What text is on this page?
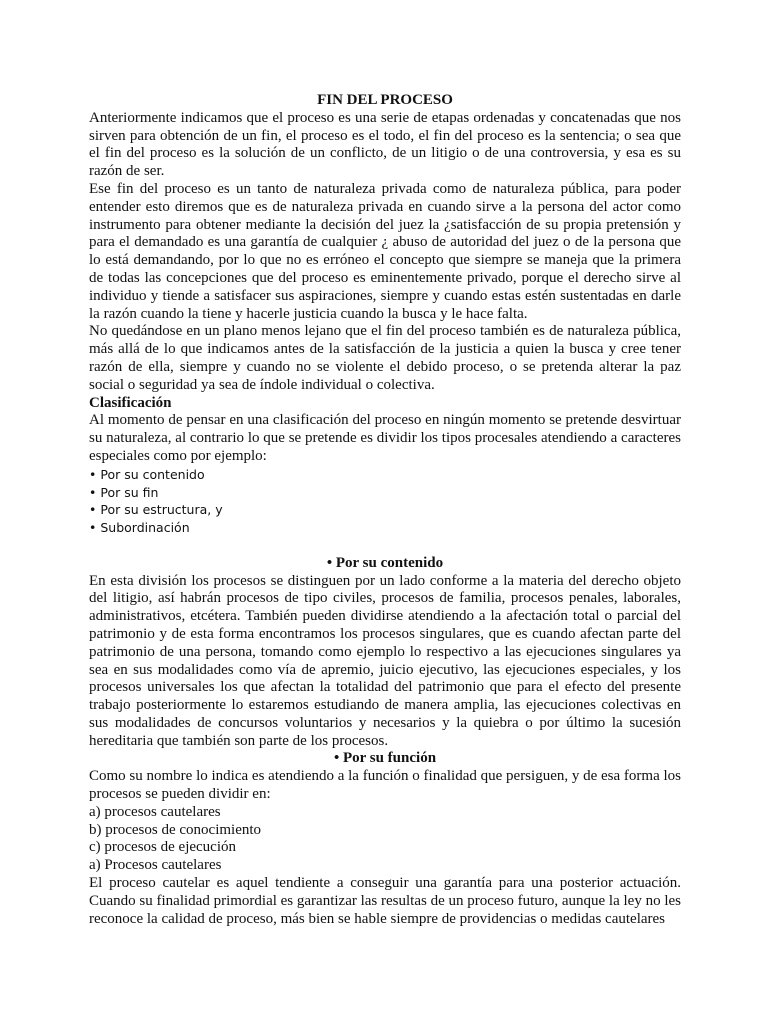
FIN DEL PROCESO

Anteriormente indicamos que el proceso es una serie de etapas ordenadas y concatenadas que nos sirven para obtención de un fin, el proceso es el todo, el fin del proceso es la sentencia; o sea que el fin del proceso es la solución de un conflicto, de un litigio o de una controversia, y esa es su razón de ser.

Ese fin del proceso es un tanto de naturaleza privada como de naturaleza pública, para poder entender esto diremos que es de naturaleza privada en cuando sirve a la persona del actor como instrumento para obtener mediante la decisión del juez la ¿satisfacción de su propia pretensión y para el demandado es una garantía de cualquier ¿ abuso de autoridad del juez o de la persona que lo está demandando, por lo que no es erróneo el concepto que siempre se maneja que la primera de todas las concepciones que del proceso es eminentemente privado, porque el derecho sirve al individuo y tiende a satisfacer sus aspiraciones, siempre y cuando estas estén sustentadas en darle la razón cuando la tiene y hacerle justicia cuando la busca y le hace falta.

No quedándose en un plano menos lejano que el fin del proceso también es de naturaleza pública, más allá de lo que indicamos antes de la satisfacción de la justicia a quien la busca y cree tener razón de ella, siempre y cuando no se violente el debido proceso, o se pretenda alterar la paz social o seguridad ya sea de índole individual o colectiva.

Clasificación

Al momento de pensar en una clasificación del proceso en ningún momento se pretende desvirtuar su naturaleza, al contrario lo que se pretende es dividir los tipos procesales atendiendo a caracteres especiales como por ejemplo:

• Por su contenido
• Por su fin
• Por su estructura, y
• Subordinación

• Por su contenido

En esta división los procesos se distinguen por un lado conforme a la materia del derecho objeto del litigio, así habrán procesos de tipo civiles, procesos de familia, procesos penales, laborales, administrativos, etcétera. También pueden dividirse atendiendo a la afectación total o parcial del patrimonio y de esta forma encontramos los procesos singulares, que es cuando afectan parte del patrimonio de una persona, tomando como ejemplo lo respectivo a las ejecuciones singulares ya sea en sus modalidades como vía de apremio, juicio ejecutivo, las ejecuciones especiales, y los procesos universales los que afectan la totalidad del patrimonio que para el efecto del presente trabajo posteriormente lo estaremos estudiando de manera amplia, las ejecuciones colectivas en sus modalidades de concursos voluntarios y necesarios y la quiebra o por último la sucesión hereditaria que también son parte de los procesos.

• Por su función

Como su nombre lo indica es atendiendo a la función o finalidad que persiguen, y de esa forma los procesos se pueden dividir en:

a) procesos cautelares
b) procesos de conocimiento
c) procesos de ejecución
a) Procesos cautelares

El proceso cautelar es aquel tendiente a conseguir una garantía para una posterior actuación. Cuando su finalidad primordial es garantizar las resultas de un proceso futuro, aunque la ley no les reconoce la calidad de proceso, más bien se hable siempre de providencias o medidas cautelares
